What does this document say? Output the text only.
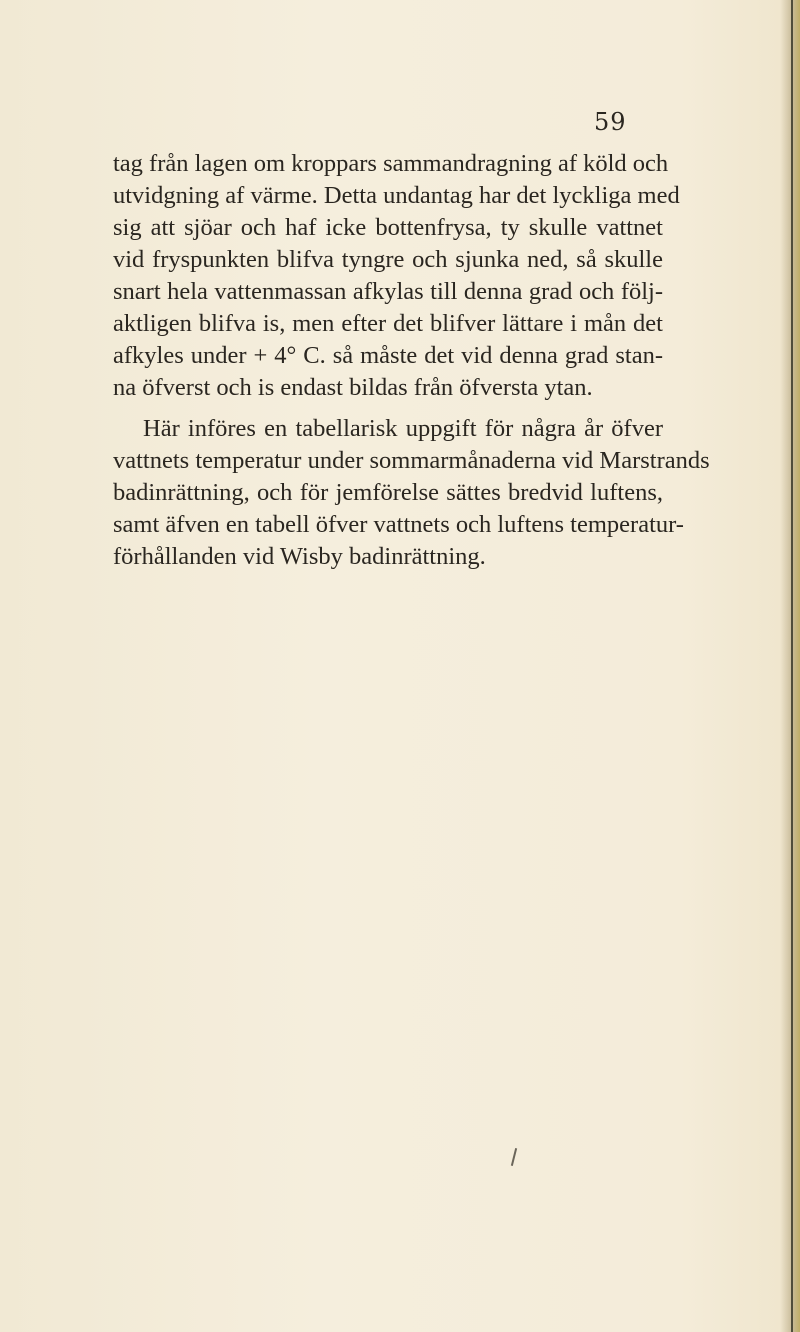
59
tag från lagen om kroppars sammandragning af köld och
utvidgning af värme. Detta undantag har det lyckliga med
sig att sjöar och haf icke bottenfrysa, ty skulle vattnet
vid fryspunkten blifva tyngre och sjunka ned, så skulle
snart hela vattenmassan afkylas till denna grad och följ-
aktligen blifva is, men efter det blifver lättare i mån det
afkyles under + 4° C. så måste det vid denna grad stan-
na öfverst och is endast bildas från öfversta ytan.
Här införes en tabellarisk uppgift för några år öfver
vattnets temperatur under sommarmånaderna vid Marstrands
badinrättning, och för jemförelse sättes bredvid luftens,
samt äfven en tabell öfver vattnets och luftens temperatur-
förhållanden vid Wisby badinrättning.
